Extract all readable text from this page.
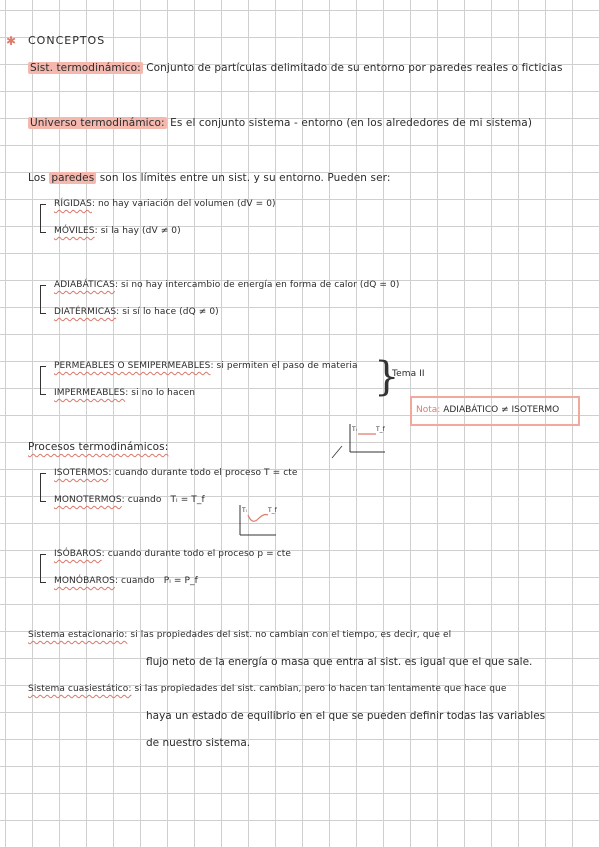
✱ CONCEPTOS
Sist. termodinámico: Conjunto de partículas delimitado de su entorno por paredes reales o ficticias
Universo termodinámico: Es el conjunto sistema - entorno (en los alrededores de mi sistema)
Los paredes son los límites entre un sist. y su entorno. Pueden ser:
RÍGIDAS: no hay variación del volumen (dV = 0)
MÓVILES: si la hay (dV ≠ 0)
ADIABÁTICAS: si no hay intercambio de energía en forma de calor (dQ = 0)
DIATÉRMICAS: si sí lo hace (dQ ≠ 0)
PERMEABLES O SEMIPERMEABLES: si permiten el paso de materia
IMPERMEABLES: si no lo hacen	}
Tema II
Nota: ADIABÁTICO ≠ ISOTERMO
Procesos termodinámicos:
Tᵢ	T_f
ISOTERMOS: cuando durante todo el proceso T = cte
MONOTERMOS: cuando Tᵢ = T_f
Tᵢ	T_f
ISÓBAROS: cuando durante todo el proceso p = cte
MONÓBAROS: cuando Pᵢ = P_f
Sistema estacionario: si las propiedades del sist. no cambian con el tiempo, es decir, que el
flujo neto de la energía o masa que entra al sist. es igual que el que sale.
Sistema cuasiestático: si las propiedades del sist. cambian, pero lo hacen tan lentamente que hace que
haya un estado de equilibrio en el que se pueden definir todas las variables
de nuestro sistema.
